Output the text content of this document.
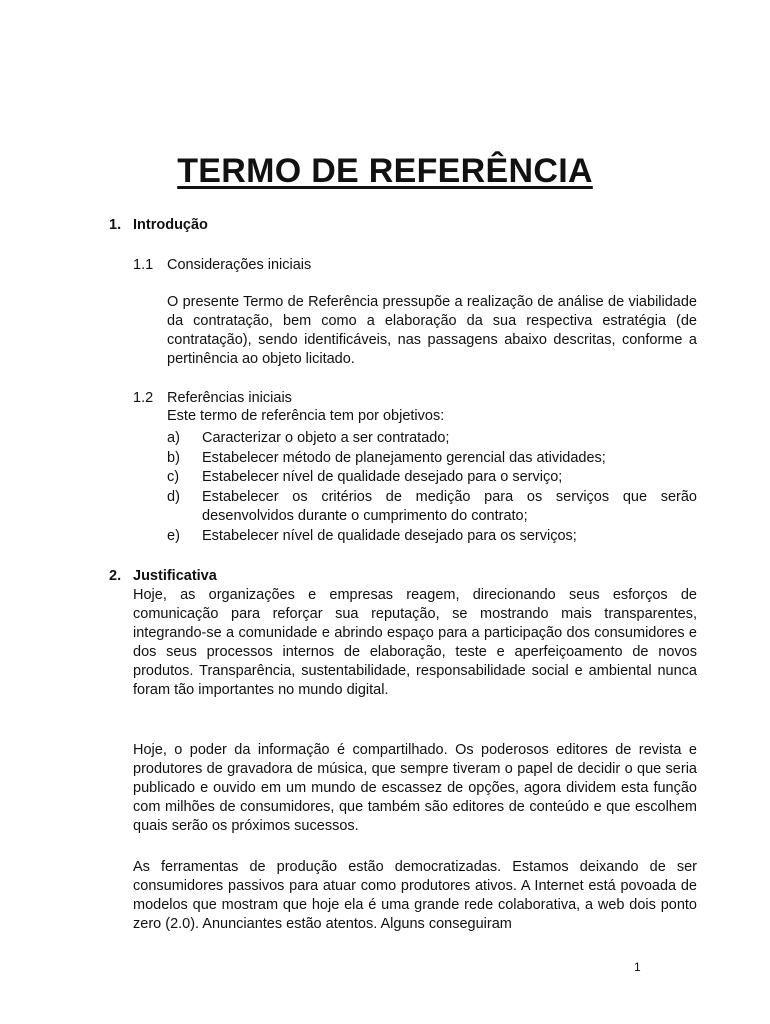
TERMO DE REFERÊNCIA
1. Introdução
1.1 Considerações iniciais

O presente Termo de Referência pressupõe a realização de análise de viabilidade da contratação, bem como a elaboração da sua respectiva estratégia (de contratação), sendo identificáveis, nas passagens abaixo descritas, conforme a pertinência ao objeto licitado.

1.2 Referências iniciais
Este termo de referência tem por objetivos:
a) Caracterizar o objeto a ser contratado;
b) Estabelecer método de planejamento gerencial das atividades;
c) Estabelecer nível de qualidade desejado para o serviço;
d) Estabelecer os critérios de medição para os serviços que serão desenvolvidos durante o cumprimento do contrato;
e) Estabelecer nível de qualidade desejado para os serviços;
2. Justificativa

Hoje, as organizações e empresas reagem, direcionando seus esforços de comunicação para reforçar sua reputação, se mostrando mais transparentes, integrando-se a comunidade e abrindo espaço para a participação dos consumidores e dos seus processos internos de elaboração, teste e aperfeiçoamento de novos produtos. Transparência, sustentabilidade, responsabilidade social e ambiental nunca foram tão importantes no mundo digital.

Hoje, o poder da informação é compartilhado. Os poderosos editores de revista e produtores de gravadora de música, que sempre tiveram o papel de decidir o que seria publicado e ouvido em um mundo de escassez de opções, agora dividem esta função com milhões de consumidores, que também são editores de conteúdo e que escolhem quais serão os próximos sucessos.

As ferramentas de produção estão democratizadas. Estamos deixando de ser consumidores passivos para atuar como produtores ativos. A Internet está povoada de modelos que mostram que hoje ela é uma grande rede colaborativa, a web dois ponto zero (2.0). Anunciantes estão atentos. Alguns conseguiram

1
